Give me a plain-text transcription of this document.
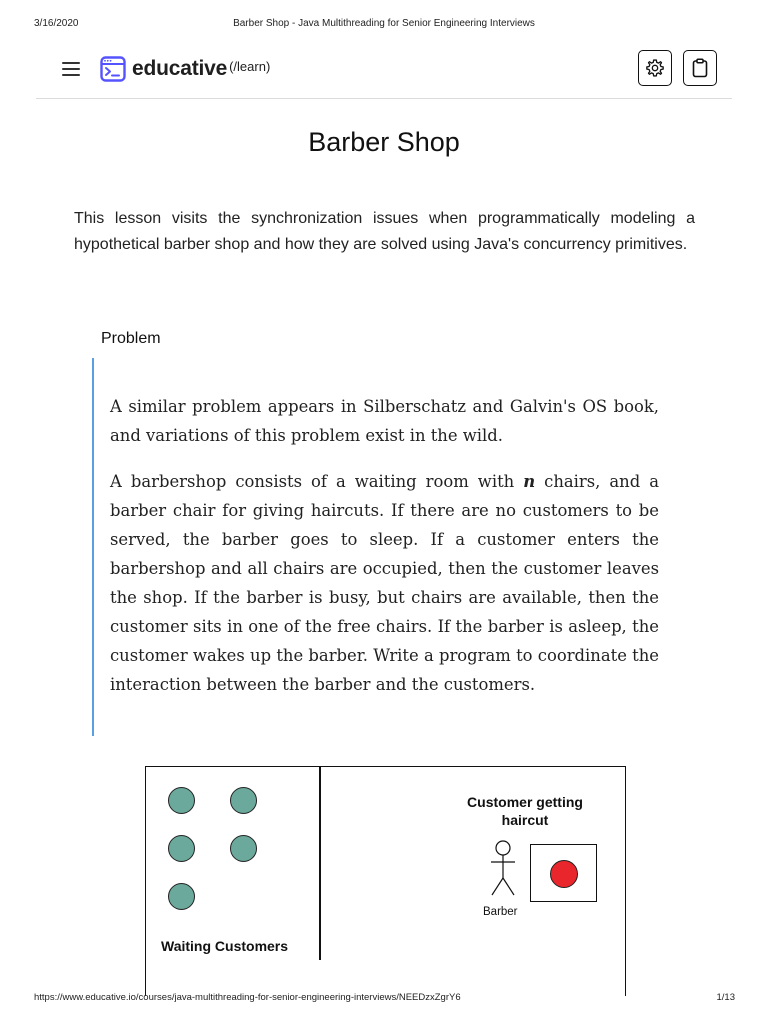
3/16/2020	Barber Shop - Java Multithreading for Senior Engineering Interviews
educative (/learn)
Barber Shop

This lesson visits the synchronization issues when programmatically modeling a hypothetical barber shop and how they are solved using Java's concurrency primitives.

Problem

A similar problem appears in Silberschatz and Galvin's OS book, and variations of this problem exist in the wild.

A barbershop consists of a waiting room with n chairs, and a barber chair for giving haircuts. If there are no customers to be served, the barber goes to sleep. If a customer enters the barbershop and all chairs are occupied, then the customer leaves the shop. If the barber is busy, but chairs are available, then the customer sits in one of the free chairs. If the barber is asleep, the customer wakes up the barber. Write a program to coordinate the interaction between the barber and the customers.

Waiting Customers
Customer getting haircut
Barber
https://www.educative.io/courses/java-multithreading-for-senior-engineering-interviews/NEEDzxZgrY6	1/13
